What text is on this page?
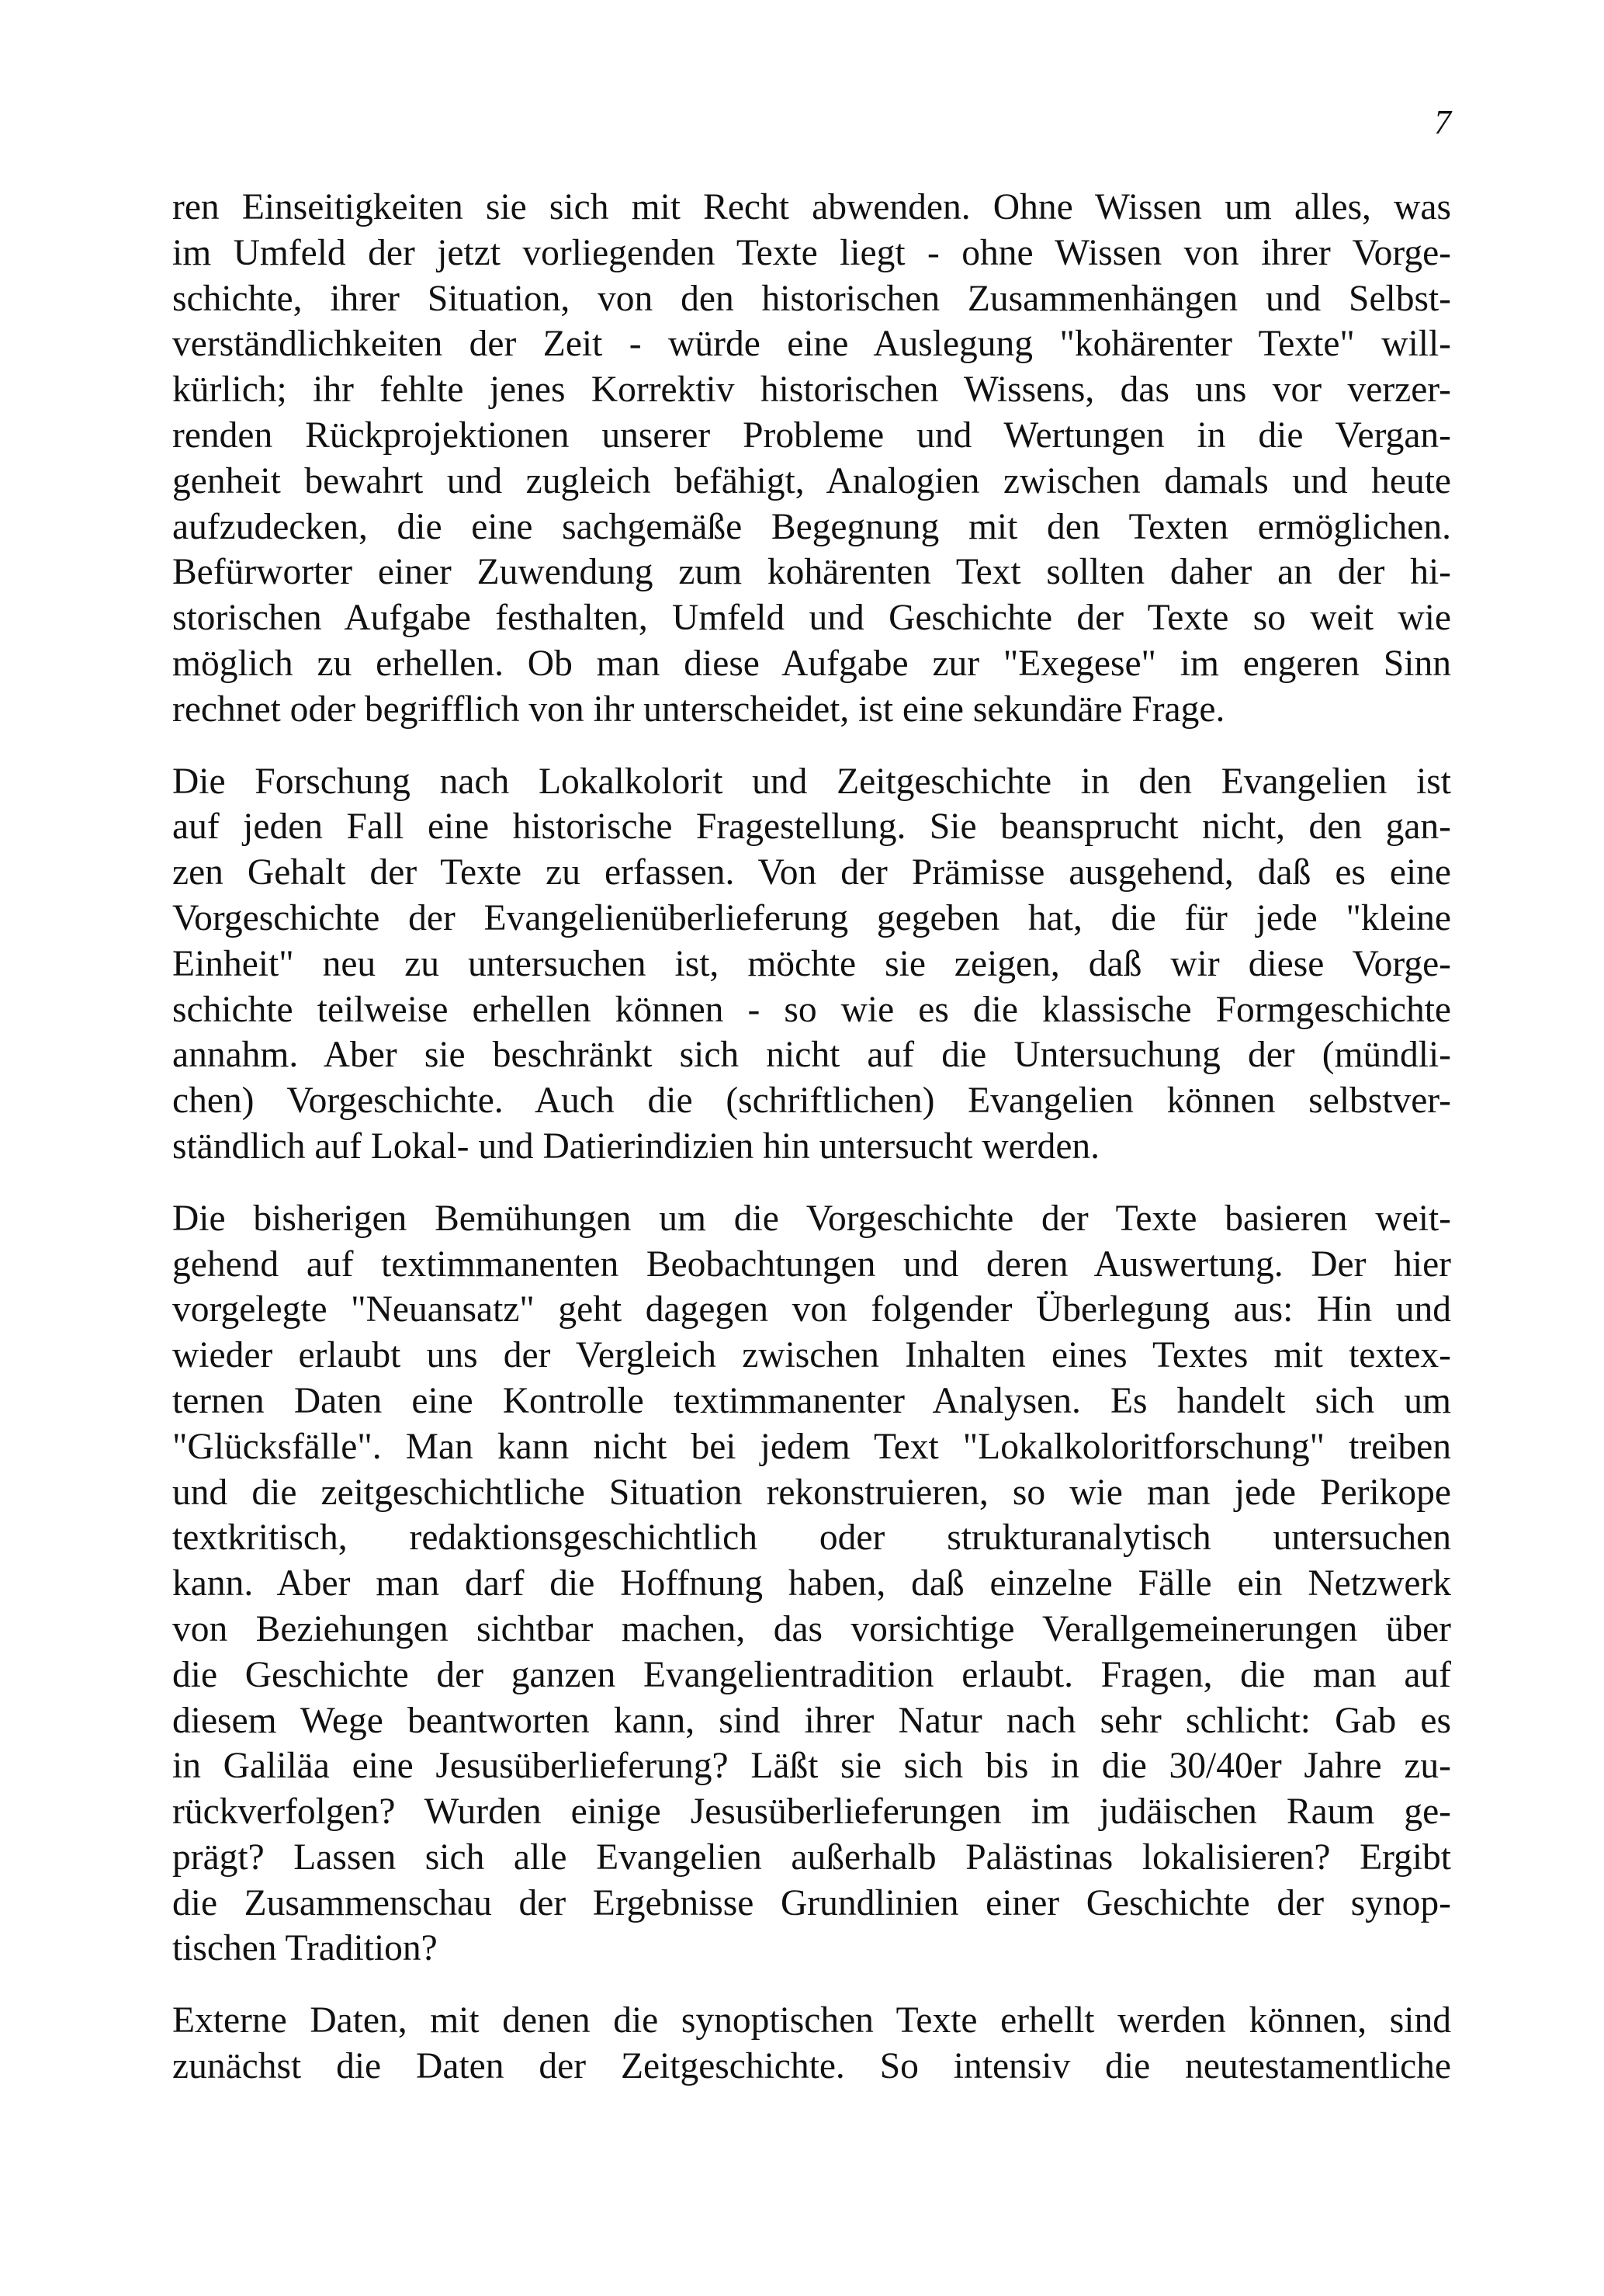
7

ren Einseitigkeiten sie sich mit Recht abwenden. Ohne Wissen um alles, was
im Umfeld der jetzt vorliegenden Texte liegt - ohne Wissen von ihrer Vorge-
schichte, ihrer Situation, von den historischen Zusammenhängen und Selbst-
verständlichkeiten der Zeit - würde eine Auslegung "kohärenter Texte" will-
kürlich; ihr fehlte jenes Korrektiv historischen Wissens, das uns vor verzer-
renden Rückprojektionen unserer Probleme und Wertungen in die Vergan-
genheit bewahrt und zugleich befähigt, Analogien zwischen damals und heute
aufzudecken, die eine sachgemäße Begegnung mit den Texten ermöglichen.
Befürworter einer Zuwendung zum kohärenten Text sollten daher an der hi-
storischen Aufgabe festhalten, Umfeld und Geschichte der Texte so weit wie
möglich zu erhellen. Ob man diese Aufgabe zur "Exegese" im engeren Sinn
rechnet oder begrifflich von ihr unterscheidet, ist eine sekundäre Frage.

Die Forschung nach Lokalkolorit und Zeitgeschichte in den Evangelien ist
auf jeden Fall eine historische Fragestellung. Sie beansprucht nicht, den gan-
zen Gehalt der Texte zu erfassen. Von der Prämisse ausgehend, daß es eine
Vorgeschichte der Evangelienüberlieferung gegeben hat, die für jede "kleine
Einheit" neu zu untersuchen ist, möchte sie zeigen, daß wir diese Vorge-
schichte teilweise erhellen können - so wie es die klassische Formgeschichte
annahm. Aber sie beschränkt sich nicht auf die Untersuchung der (mündli-
chen) Vorgeschichte. Auch die (schriftlichen) Evangelien können selbstver-
ständlich auf Lokal- und Datierindizien hin untersucht werden.

Die bisherigen Bemühungen um die Vorgeschichte der Texte basieren weit-
gehend auf textimmanenten Beobachtungen und deren Auswertung. Der hier
vorgelegte "Neuansatz" geht dagegen von folgender Überlegung aus: Hin und
wieder erlaubt uns der Vergleich zwischen Inhalten eines Textes mit textex-
ternen Daten eine Kontrolle textimmanenter Analysen. Es handelt sich um
"Glücksfälle". Man kann nicht bei jedem Text "Lokalkoloritforschung" treiben
und die zeitgeschichtliche Situation rekonstruieren, so wie man jede Perikope
textkritisch, redaktionsgeschichtlich oder strukturanalytisch untersuchen
kann. Aber man darf die Hoffnung haben, daß einzelne Fälle ein Netzwerk
von Beziehungen sichtbar machen, das vorsichtige Verallgemeinerungen über
die Geschichte der ganzen Evangelientradition erlaubt. Fragen, die man auf
diesem Wege beantworten kann, sind ihrer Natur nach sehr schlicht: Gab es
in Galiläa eine Jesusüberlieferung? Läßt sie sich bis in die 30/40er Jahre zu-
rückverfolgen? Wurden einige Jesusüberlieferungen im judäischen Raum ge-
prägt? Lassen sich alle Evangelien außerhalb Palästinas lokalisieren? Ergibt
die Zusammenschau der Ergebnisse Grundlinien einer Geschichte der synop-
tischen Tradition?

Externe Daten, mit denen die synoptischen Texte erhellt werden können, sind
zunächst die Daten der Zeitgeschichte. So intensiv die neutestamentliche
